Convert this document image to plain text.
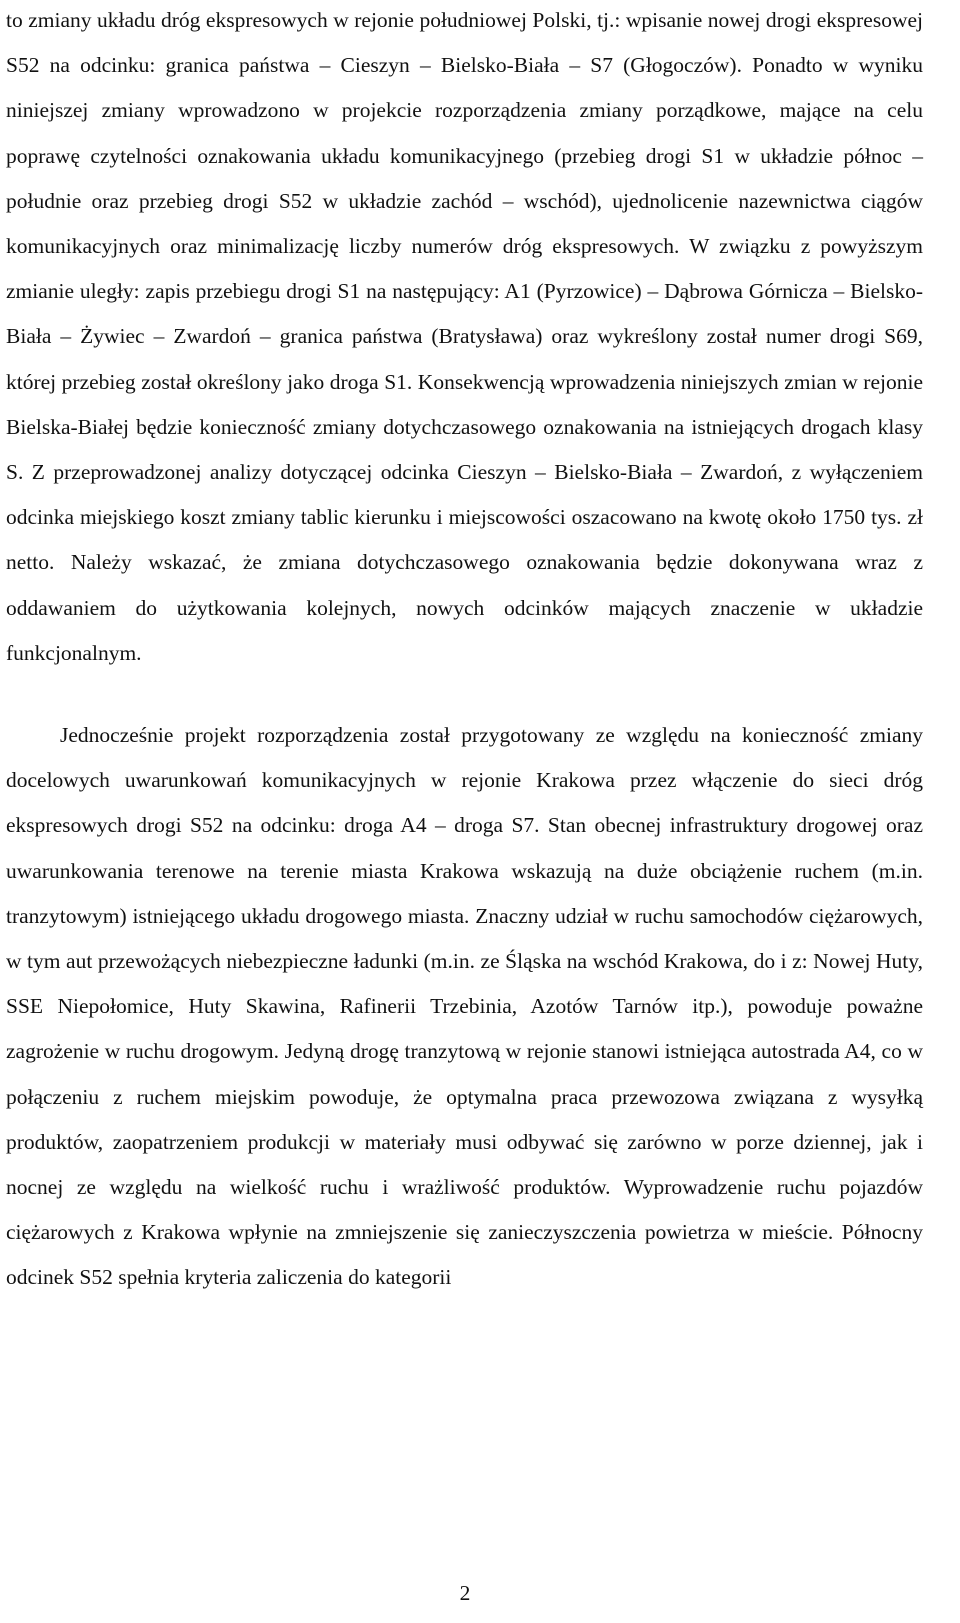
to zmiany układu dróg ekspresowych w rejonie południowej Polski, tj.: wpisanie nowej drogi ekspresowej S52 na odcinku: granica państwa – Cieszyn – Bielsko-Biała – S7 (Głogoczów). Ponadto w wyniku niniejszej zmiany wprowadzono w projekcie rozporządzenia zmiany porządkowe, mające na celu poprawę czytelności oznakowania układu komunikacyjnego (przebieg drogi S1 w układzie północ – południe oraz przebieg drogi S52 w układzie zachód – wschód), ujednolicenie nazewnictwa ciągów komunikacyjnych oraz minimalizację liczby numerów dróg ekspresowych. W związku z powyższym zmianie uległy: zapis przebiegu drogi S1 na następujący: A1 (Pyrzowice) – Dąbrowa Górnicza – Bielsko-Biała – Żywiec – Zwardoń – granica państwa (Bratysława) oraz wykreślony został numer drogi S69, której przebieg został określony jako droga S1. Konsekwencją wprowadzenia niniejszych zmian w rejonie Bielska-Białej będzie konieczność zmiany dotychczasowego oznakowania na istniejących drogach klasy S. Z przeprowadzonej analizy dotyczącej odcinka Cieszyn – Bielsko-Biała – Zwardoń, z wyłączeniem odcinka miejskiego koszt zmiany tablic kierunku i miejscowości oszacowano na kwotę około 1750 tys. zł netto. Należy wskazać, że zmiana dotychczasowego oznakowania będzie dokonywana wraz z oddawaniem do użytkowania kolejnych, nowych odcinków mających znaczenie w układzie funkcjonalnym.

Jednocześnie projekt rozporządzenia został przygotowany ze względu na konieczność zmiany docelowych uwarunkowań komunikacyjnych w rejonie Krakowa przez włączenie do sieci dróg ekspresowych drogi S52 na odcinku: droga A4 – droga S7. Stan obecnej infrastruktury drogowej oraz uwarunkowania terenowe na terenie miasta Krakowa wskazują na duże obciążenie ruchem (m.in. tranzytowym) istniejącego układu drogowego miasta. Znaczny udział w ruchu samochodów ciężarowych, w tym aut przewożących niebezpieczne ładunki (m.in. ze Śląska na wschód Krakowa, do i z: Nowej Huty, SSE Niepołomice, Huty Skawina, Rafinerii Trzebinia, Azotów Tarnów itp.), powoduje poważne zagrożenie w ruchu drogowym. Jedyną drogę tranzytową w rejonie stanowi istniejąca autostrada A4, co w połączeniu z ruchem miejskim powoduje, że optymalna praca przewozowa związana z wysyłką produktów, zaopatrzeniem produkcji w materiały musi odbywać się zarówno w porze dziennej, jak i nocnej ze względu na wielkość ruchu i wrażliwość produktów. Wyprowadzenie ruchu pojazdów ciężarowych z Krakowa wpłynie na zmniejszenie się zanieczyszczenia powietrza w mieście. Północny odcinek S52 spełnia kryteria zaliczenia do kategorii

2
